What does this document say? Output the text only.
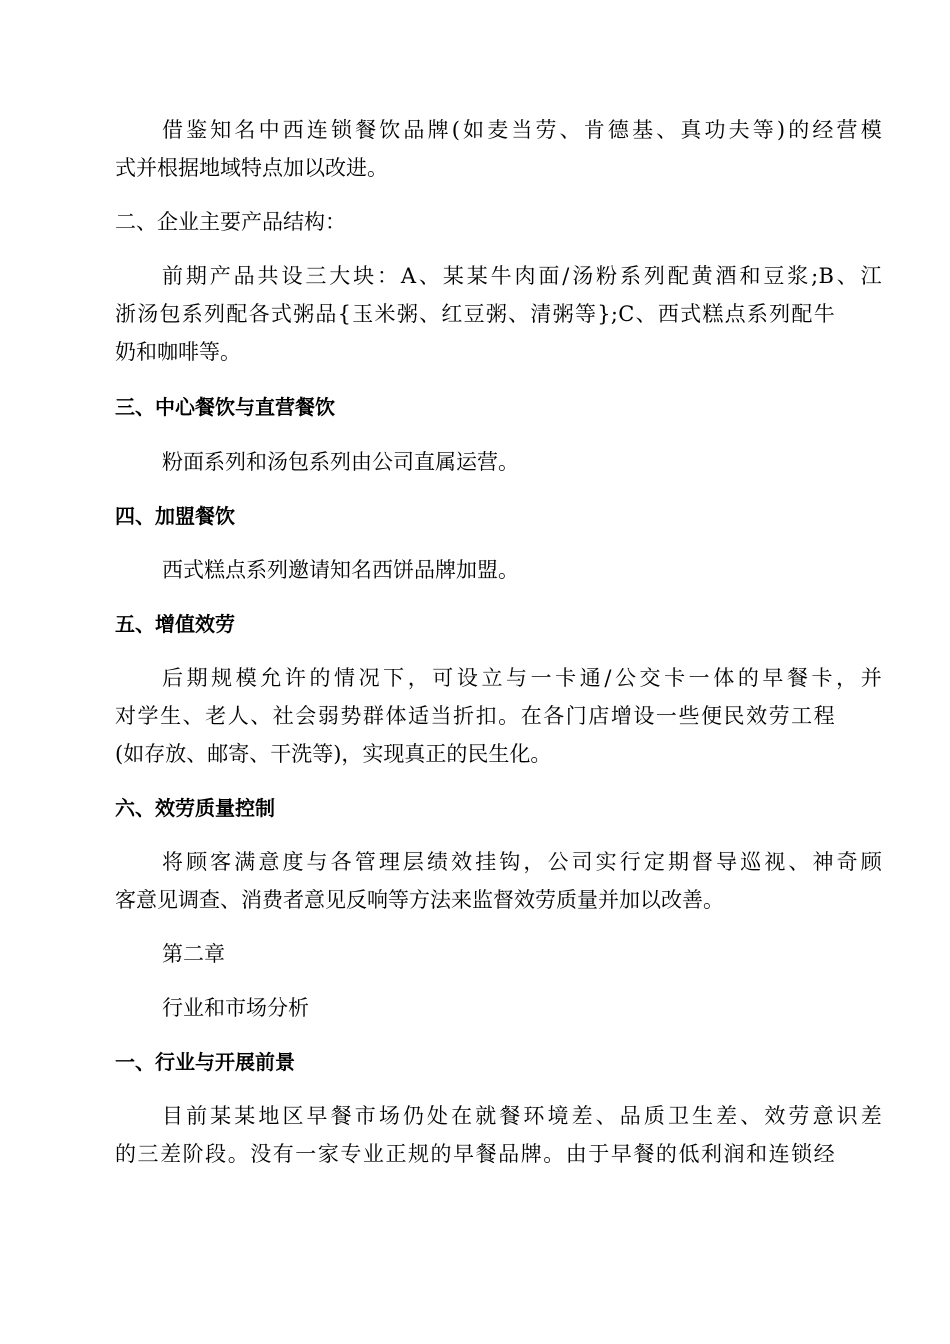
借鉴知名中西连锁餐饮品牌(如麦当劳、肯德基、真功夫等)的经营模
式并根据地域特点加以改进。
二、企业主要产品结构：
前期产品共设三大块：A、某某牛肉面/汤粉系列配黄酒和豆浆;B、江
浙汤包系列配各式粥品{玉米粥、红豆粥、清粥等};C、西式糕点系列配牛
奶和咖啡等。
三、中心餐饮与直营餐饮
粉面系列和汤包系列由公司直属运营。
四、加盟餐饮
西式糕点系列邀请知名西饼品牌加盟。
五、增值效劳
后期规模允许的情况下，可设立与一卡通/公交卡一体的早餐卡，并
对学生、老人、社会弱势群体适当折扣。在各门店增设一些便民效劳工程
(如存放、邮寄、干洗等)，实现真正的民生化。
六、效劳质量控制
将顾客满意度与各管理层绩效挂钩，公司实行定期督导巡视、神奇顾
客意见调查、消费者意见反响等方法来监督效劳质量并加以改善。
第二章
行业和市场分析
一、行业与开展前景
目前某某地区早餐市场仍处在就餐环境差、品质卫生差、效劳意识差
的三差阶段。没有一家专业正规的早餐品牌。由于早餐的低利润和连锁经
